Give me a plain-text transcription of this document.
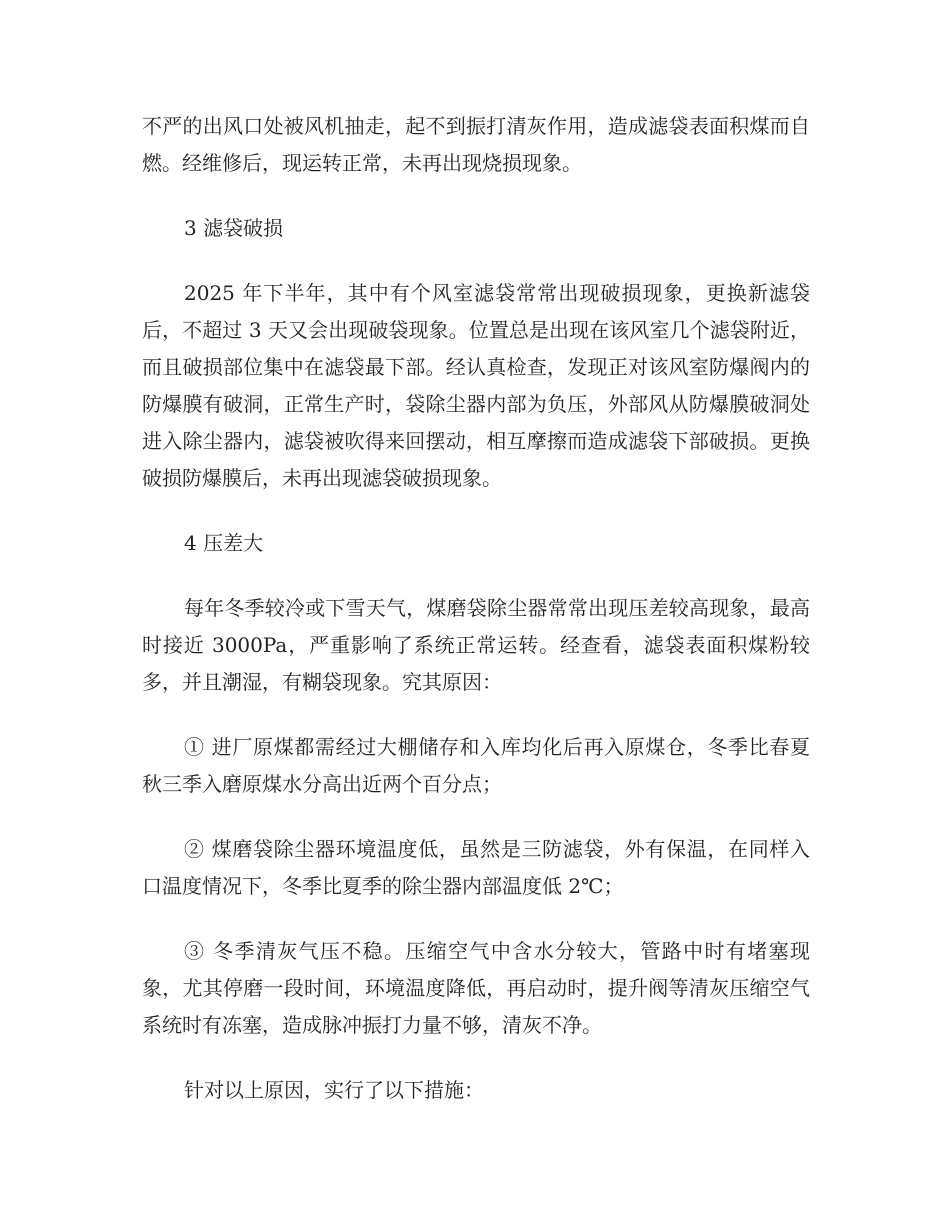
不严的出风口处被风机抽走，起不到振打清灰作用，造成滤袋表面积煤而自燃。经维修后，现运转正常，未再出现烧损现象。

3 滤袋破损

2025 年下半年，其中有个风室滤袋常常出现破损现象，更换新滤袋后，不超过 3 天又会出现破袋现象。位置总是出现在该风室几个滤袋附近，而且破损部位集中在滤袋最下部。经认真检查，发现正对该风室防爆阀内的防爆膜有破洞，正常生产时，袋除尘器内部为负压，外部风从防爆膜破洞处进入除尘器内，滤袋被吹得来回摆动，相互摩擦而造成滤袋下部破损。更换破损防爆膜后，未再出现滤袋破损现象。

4 压差大

每年冬季较冷或下雪天气，煤磨袋除尘器常常出现压差较高现象，最高时接近 3000Pa，严重影响了系统正常运转。经查看，滤袋表面积煤粉较多，并且潮湿，有糊袋现象。究其原因：

① 进厂原煤都需经过大棚储存和入库均化后再入原煤仓，冬季比春夏秋三季入磨原煤水分高出近两个百分点；

② 煤磨袋除尘器环境温度低，虽然是三防滤袋，外有保温，在同样入口温度情况下，冬季比夏季的除尘器内部温度低 2℃；

③ 冬季清灰气压不稳。压缩空气中含水分较大，管路中时有堵塞现象，尤其停磨一段时间，环境温度降低，再启动时，提升阀等清灰压缩空气系统时有冻塞，造成脉冲振打力量不够，清灰不净。

针对以上原因，实行了以下措施：
